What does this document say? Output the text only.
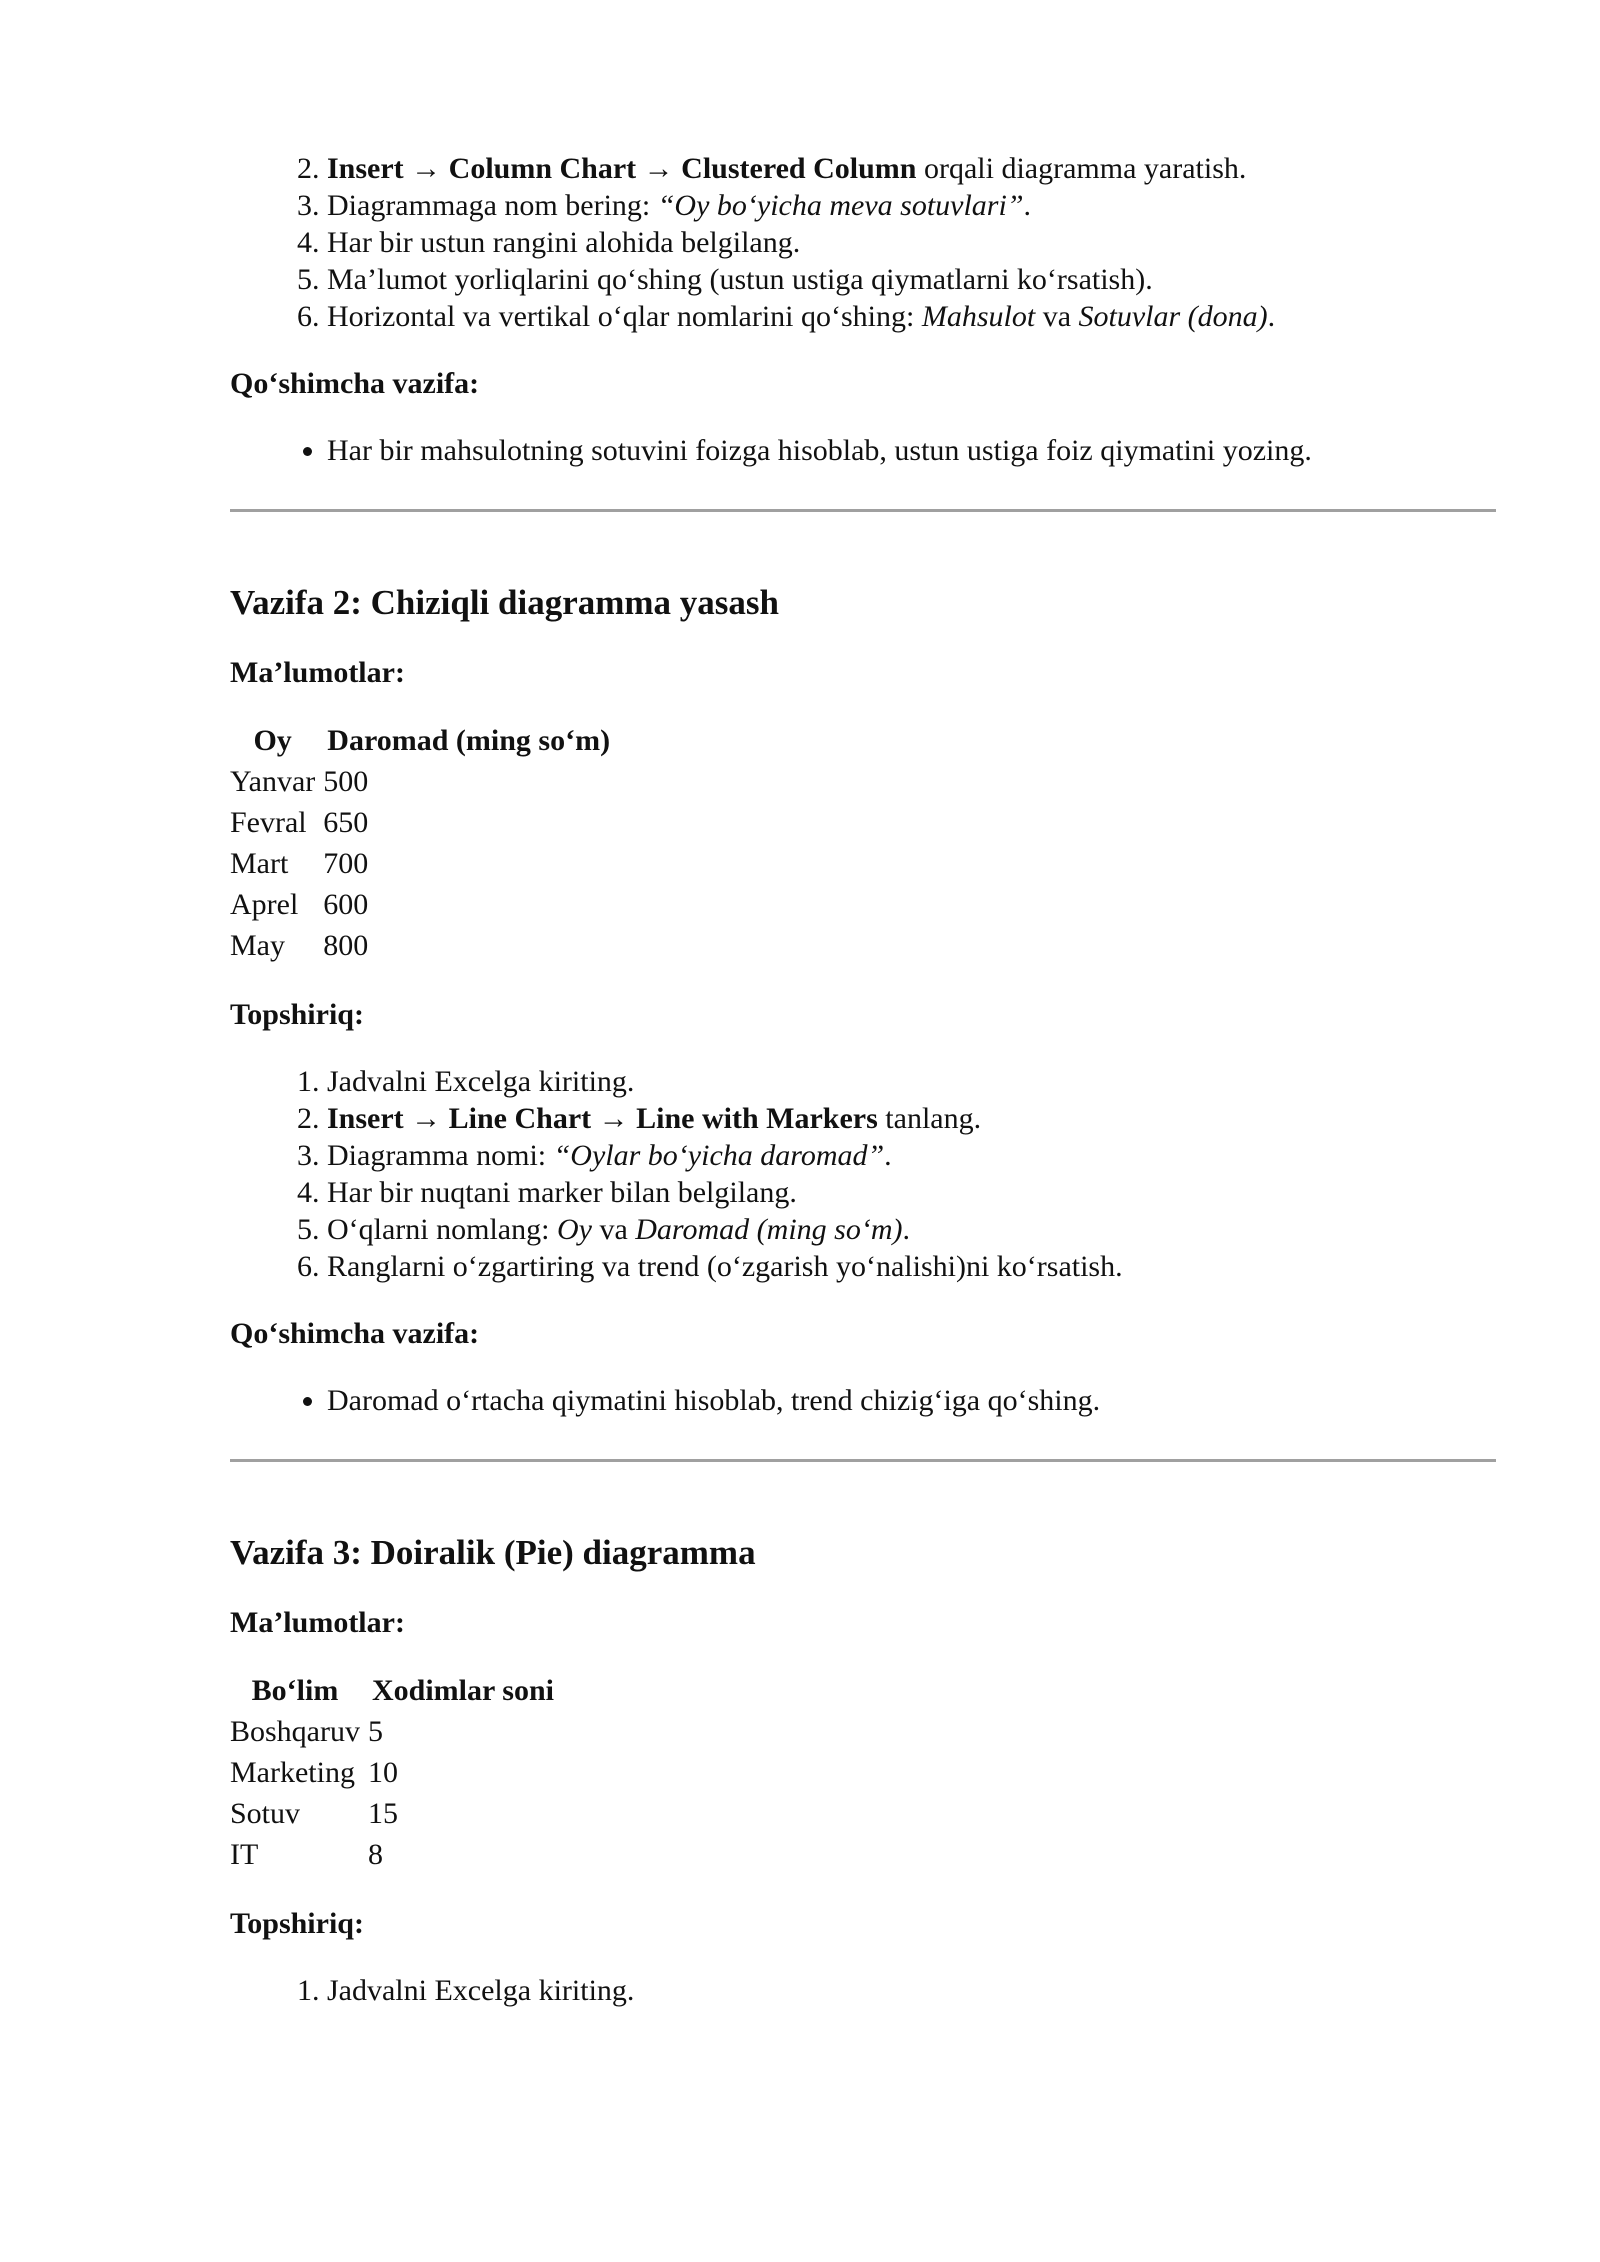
2. Insert → Column Chart → Clustered Column orqali diagramma yaratish.
3. Diagrammaga nom bering: “Oy bo‘yicha meva sotuvlari”.
4. Har bir ustun rangini alohida belgilang.
5. Ma’lumot yorliqlarini qo‘shing (ustun ustiga qiymatlarni ko‘rsatish).
6. Horizontal va vertikal o‘qlar nomlarini qo‘shing: Mahsulot va Sotuvlar (dona).

Qo‘shimcha vazifa:

• Har bir mahsulotning sotuvini foizga hisoblab, ustun ustiga foiz qiymatini yozing.
Vazifa 2: Chiziqli diagramma yasash

Ma’lumotlar:

Oy	Daromad (ming so‘m)
Yanvar	500
Fevral	650
Mart	700
Aprel	600
May	800

Topshiriq:

1. Jadvalni Excelga kiriting.
2. Insert → Line Chart → Line with Markers tanlang.
3. Diagramma nomi: “Oylar bo‘yicha daromad”.
4. Har bir nuqtani marker bilan belgilang.
5. O‘qlarni nomlang: Oy va Daromad (ming so‘m).
6. Ranglarni o‘zgartiring va trend (o‘zgarish yo‘nalishi)ni ko‘rsatish.

Qo‘shimcha vazifa:

• Daromad o‘rtacha qiymatini hisoblab, trend chizig‘iga qo‘shing.
Vazifa 3: Doiralik (Pie) diagramma

Ma’lumotlar:

Bo‘lim	Xodimlar soni
Boshqaruv	5
Marketing	10
Sotuv	15
IT	8

Topshiriq:

1. Jadvalni Excelga kiriting.
